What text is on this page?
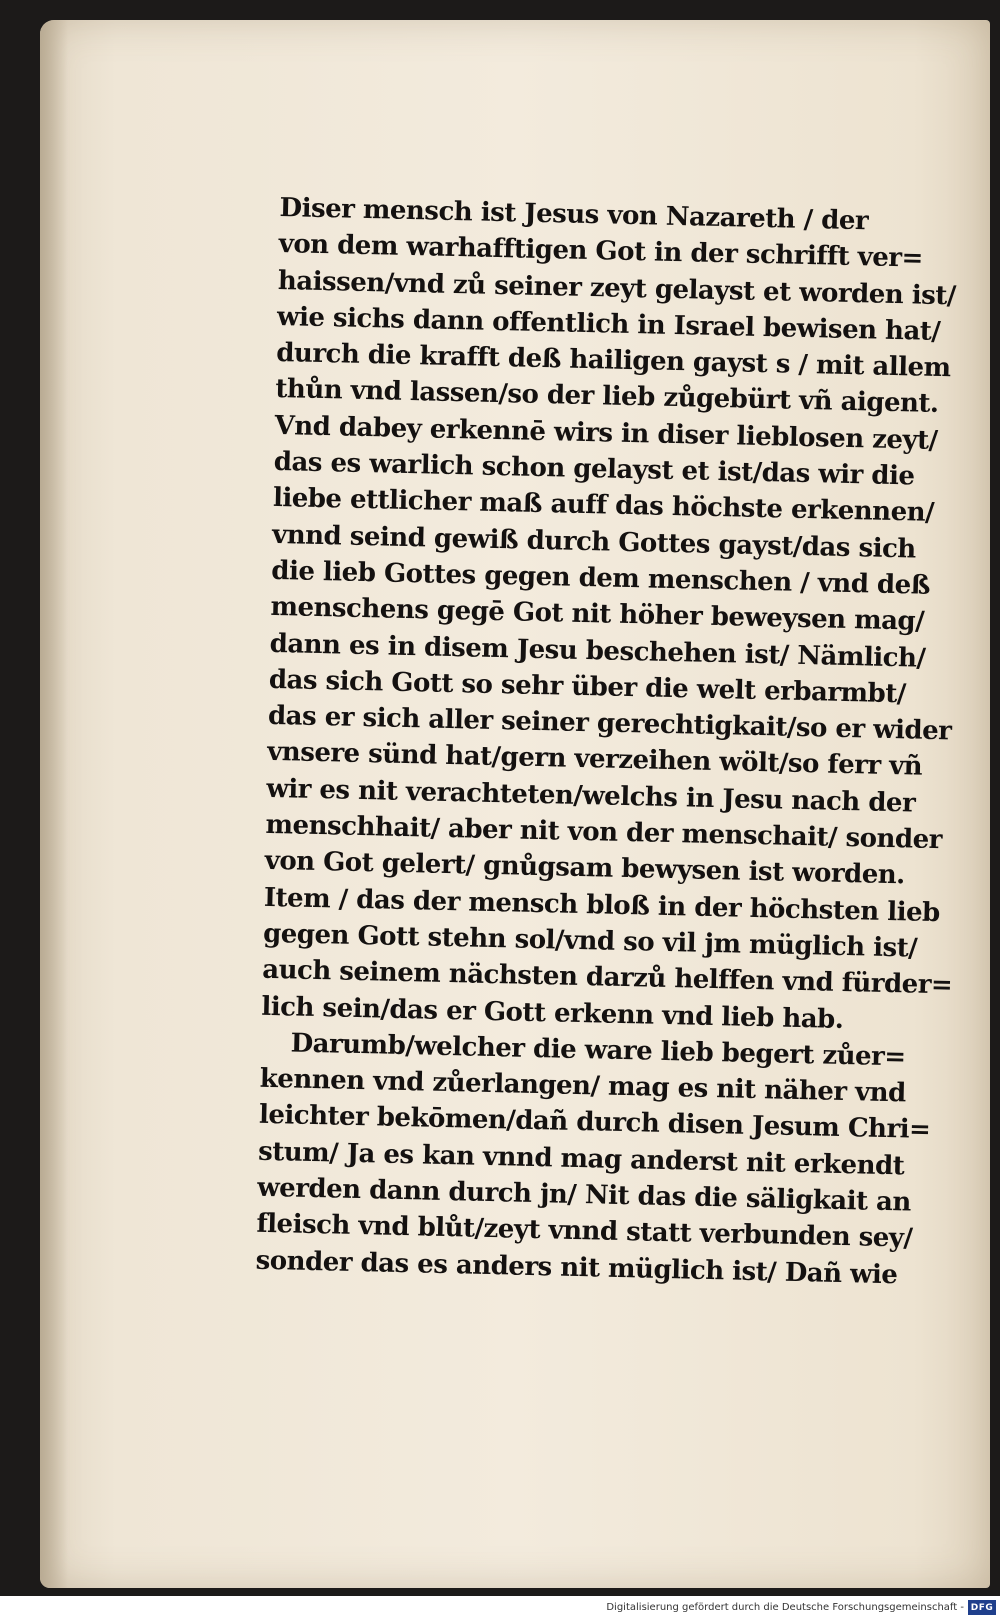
Diser mensch ist Jesus von Nazareth / der
von dem warhafftigen Got in der schrifft ver=
haissen/vnd zů seiner zeyt gelayst et worden ist/
wie sichs dann offentlich in Israel bewisen hat/
durch die krafft deß hailigen gayst s / mit allem
thůn vnd lassen/so der lieb zůgebürt vñ aigent.
Vnd dabey erkennē wirs in diser lieblosen zeyt/
das es warlich schon gelayst et ist/das wir die
liebe ettlicher maß auff das höchste erkennen/
vnnd seind gewiß durch Gottes gayst/das sich
die lieb Gottes gegen dem menschen / vnd deß
menschens gegē Got nit höher beweysen mag/
dann es in disem Jesu beschehen ist/ Nämlich/
das sich Gott so sehr über die welt erbarmbt/
das er sich aller seiner gerechtigkait/so er wider
vnsere sünd hat/gern verzeihen wölt/so ferr vñ
wir es nit verachteten/welchs in Jesu nach der
menschhait/ aber nit von der menschait/ sonder
von Got gelert/ gnůgsam bewysen ist worden.
Item / das der mensch bloß in der höchsten lieb
gegen Gott stehn sol/vnd so vil jm müglich ist/
auch seinem nächsten darzů helffen vnd fürder=
lich sein/das er Gott erkenn vnd lieb hab.
Darumb/welcher die ware lieb begert zůer=
kennen vnd zůerlangen/ mag es nit näher vnd
leichter bekōmen/dañ durch disen Jesum Chri=
stum/ Ja es kan vnnd mag anderst nit erkendt
werden dann durch jn/ Nit das die säligkait an
fleisch vnd blůt/zeyt vnnd statt verbunden sey/
sonder das es anders nit müglich ist/ Dañ wie
Digitalisierung gefördert durch die Deutsche Forschungsgemeinschaft - DFG
